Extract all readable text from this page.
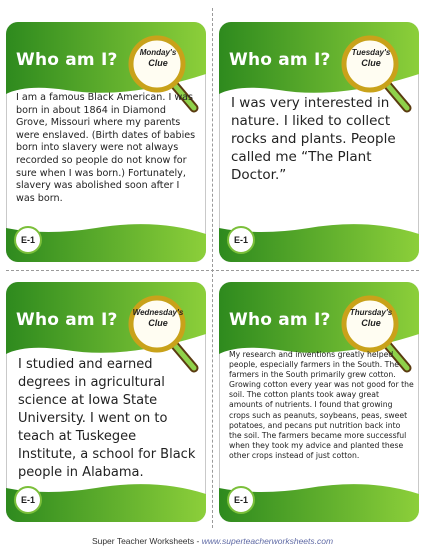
Who am I?	Monday's
Clue
I am a famous Black American. I was born in about 1864 in Diamond Grove, Missouri where my parents were enslaved. (Birth dates of babies born into slavery were not always recorded so people do not know for sure when I was born.) Fortunately, slavery was abolished soon after I was born.
E-1
Who am I?	Tuesday's
Clue
I was very interested in nature. I liked to collect rocks and plants. People called me “The Plant Doctor.”
E-1
Who am I?	Wednesday's
Clue
I studied and earned degrees in agricultural science at Iowa State University. I went on to teach at Tuskegee Institute, a school for Black people in Alabama.
E-1
Who am I?	Thursday's
Clue
My research and inventions greatly helped people, especially farmers in the South. The farmers in the South primarily grew cotton. Growing cotton every year was not good for the soil. The cotton plants took away great amounts of nutrients. I found that growing crops such as peanuts, soybeans, peas, sweet potatoes, and pecans put nutrition back into the soil. The farmers became more successful when they took my advice and planted these other crops instead of just cotton.
E-1
Super Teacher Worksheets - www.superteacherworksheets.com
